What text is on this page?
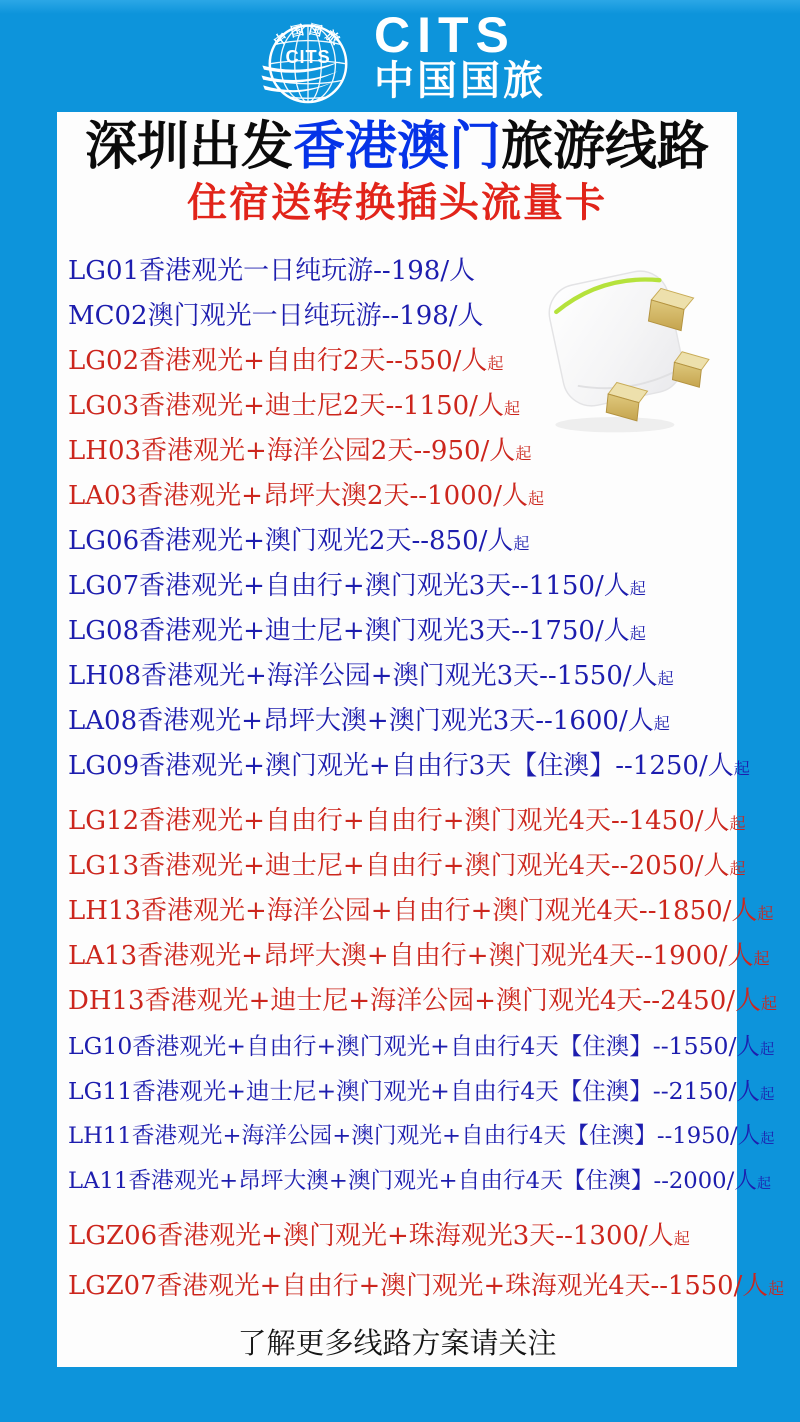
中国国旅
CITS CITS
中国国旅
深圳出发香港澳门旅游线路
住宿送转换插头流量卡
LG01香港观光一日纯玩游--198/人
MC02澳门观光一日纯玩游--198/人
LG02香港观光+自由行2天--550/人起
LG03香港观光+迪士尼2天--1150/人起
LH03香港观光+海洋公园2天--950/人起
LA03香港观光+昂坪大澳2天--1000/人起
LG06香港观光+澳门观光2天--850/人起
LG07香港观光+自由行+澳门观光3天--1150/人起
LG08香港观光+迪士尼+澳门观光3天--1750/人起
LH08香港观光+海洋公园+澳门观光3天--1550/人起
LA08香港观光+昂坪大澳+澳门观光3天--1600/人起
LG09香港观光+澳门观光+自由行3天【住澳】--1250/人起
LG12香港观光+自由行+自由行+澳门观光4天--1450/人起
LG13香港观光+迪士尼+自由行+澳门观光4天--2050/人起
LH13香港观光+海洋公园+自由行+澳门观光4天--1850/人起
LA13香港观光+昂坪大澳+自由行+澳门观光4天--1900/人起
DH13香港观光+迪士尼+海洋公园+澳门观光4天--2450/人起
LG10香港观光+自由行+澳门观光+自由行4天【住澳】--1550/人起
LG11香港观光+迪士尼+澳门观光+自由行4天【住澳】--2150/人起
LH11香港观光+海洋公园+澳门观光+自由行4天【住澳】--1950/人起
LA11香港观光+昂坪大澳+澳门观光+自由行4天【住澳】--2000/人起
LGZ06香港观光+澳门观光+珠海观光3天--1300/人起
LGZ07香港观光+自由行+澳门观光+珠海观光4天--1550/人起
了解更多线路方案请关注
